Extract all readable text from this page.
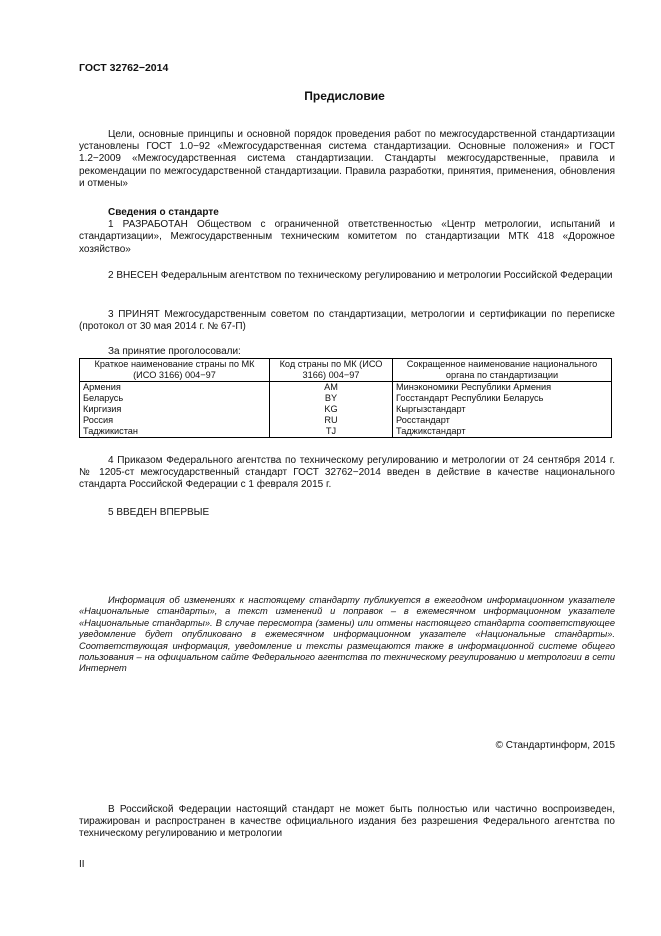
ГОСТ 32762−2014
Предисловие

Цели, основные принципы и основной порядок проведения работ по межгосударственной стандартизации установлены ГОСТ 1.0−92 «Межгосударственная система стандартизации. Основные положения» и ГОСТ 1.2−2009 «Межгосударственная система стандартизации. Стандарты межгосударственные, правила и рекомендации по межгосударственной стандартизации. Правила разработки, принятия, применения, обновления и отмены»

Сведения о стандарте

1 РАЗРАБОТАН Обществом с ограниченной ответственностью «Центр метрологии, испытаний и стандартизации», Межгосударственным техническим комитетом по стандартизации МТК 418 «Дорожное хозяйство»

2 ВНЕСЕН Федеральным агентством по техническому регулированию и метрологии Российской Федерации

3 ПРИНЯТ Межгосударственным советом по стандартизации, метрологии и сертификации по переписке (протокол от 30 мая 2014 г. № 67-П)

За принятие проголосовали:
Краткое наименование страны по МК (ИСО 3166) 004−97	Код страны по МК (ИСО 3166) 004−97	Сокращенное наименование национального органа по стандартизации
Армения	AM	Минэкономики Республики Армения
Беларусь	BY	Госстандарт Республики Беларусь
Киргизия	KG	Кыргызстандарт
Россия	RU	Росстандарт
Таджикистан	TJ	Таджикстандарт

4 Приказом Федерального агентства по техническому регулированию и метрологии от 24 сентября 2014 г. № 1205-ст межгосударственный стандарт ГОСТ 32762−2014 введен в действие в качестве национального стандарта Российской Федерации с 1 февраля 2015 г.

5 ВВЕДЕН ВПЕРВЫЕ

Информация об изменениях к настоящему стандарту публикуется в ежегодном информационном указателе «Национальные стандарты», а текст изменений и поправок – в ежемесячном информационном указателе «Национальные стандарты». В случае пересмотра (замены) или отмены настоящего стандарта соответствующее уведомление будет опубликовано в ежемесячном информационном указателе «Национальные стандарты». Соответствующая информация, уведомление и тексты размещаются также в информационной системе общего пользования – на официальном сайте Федерального агентства по техническому регулированию и метрологии в сети Интернет

© Стандартинформ, 2015

В Российской Федерации настоящий стандарт не может быть полностью или частично воспроизведен, тиражирован и распространен в качестве официального издания без разрешения Федерального агентства по техническому регулированию и метрологии

II
